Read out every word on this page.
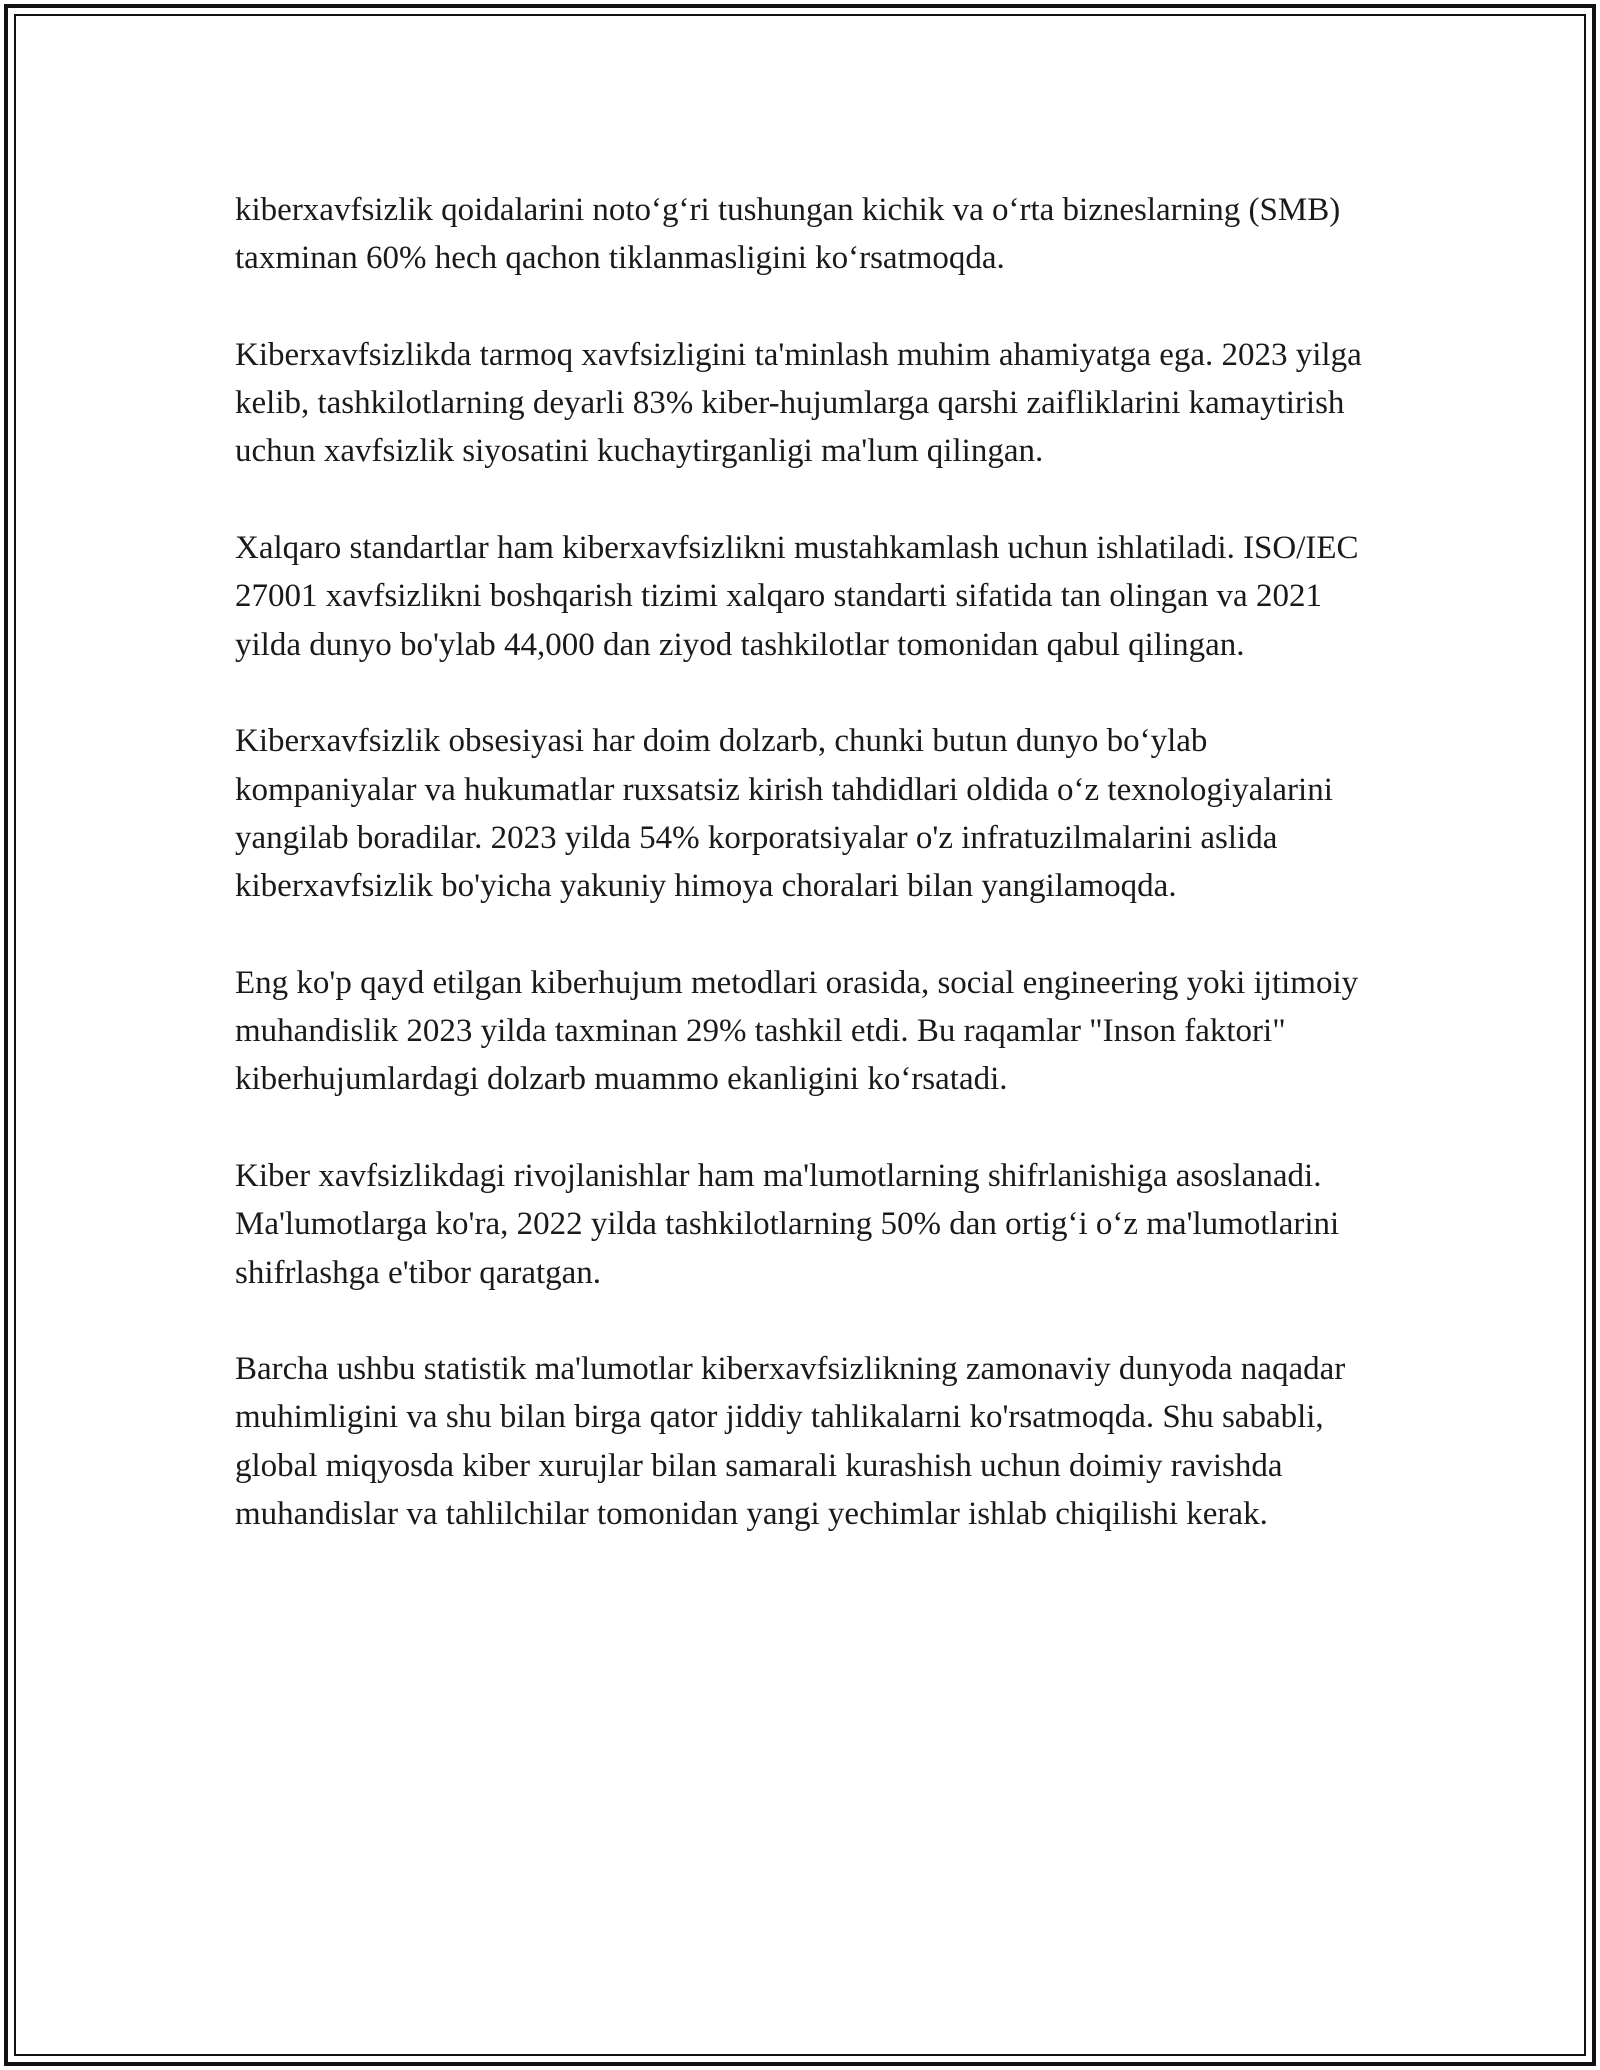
kiberxavfsizlik qoidalarini noto‘g‘ri tushungan kichik va o‘rta bizneslarning (SMB) taxminan 60% hech qachon tiklanmasligini ko‘rsatmoqda.

Kiberxavfsizlikda tarmoq xavfsizligini ta'minlash muhim ahamiyatga ega. 2023 yilga kelib, tashkilotlarning deyarli 83% kiber-hujumlarga qarshi zaifliklarini kamaytirish uchun xavfsizlik siyosatini kuchaytirganligi ma'lum qilingan.

Xalqaro standartlar ham kiberxavfsizlikni mustahkamlash uchun ishlatiladi. ISO/IEC 27001 xavfsizlikni boshqarish tizimi xalqaro standarti sifatida tan olingan va 2021 yilda dunyo bo'ylab 44,000 dan ziyod tashkilotlar tomonidan qabul qilingan.

Kiberxavfsizlik obsesiyasi har doim dolzarb, chunki butun dunyo bo‘ylab kompaniyalar va hukumatlar ruxsatsiz kirish tahdidlari oldida o‘z texnologiyalarini yangilab boradilar. 2023 yilda 54% korporatsiyalar o'z infratuzilmalarini aslida kiberxavfsizlik bo'yicha yakuniy himoya choralari bilan yangilamoqda.

Eng ko'p qayd etilgan kiberhujum metodlari orasida, social engineering yoki ijtimoiy muhandislik 2023 yilda taxminan 29% tashkil etdi. Bu raqamlar "Inson faktori" kiberhujumlardagi dolzarb muammo ekanligini ko‘rsatadi.

Kiber xavfsizlikdagi rivojlanishlar ham ma'lumotlarning shifrlanishiga asoslanadi. Ma'lumotlarga ko'ra, 2022 yilda tashkilotlarning 50% dan ortig‘i o‘z ma'lumotlarini shifrlashga e'tibor qaratgan.

Barcha ushbu statistik ma'lumotlar kiberxavfsizlikning zamonaviy dunyoda naqadar muhimligini va shu bilan birga qator jiddiy tahlikalarni ko'rsatmoqda. Shu sababli, global miqyosda kiber xurujlar bilan samarali kurashish uchun doimiy ravishda muhandislar va tahlilchilar tomonidan yangi yechimlar ishlab chiqilishi kerak.
